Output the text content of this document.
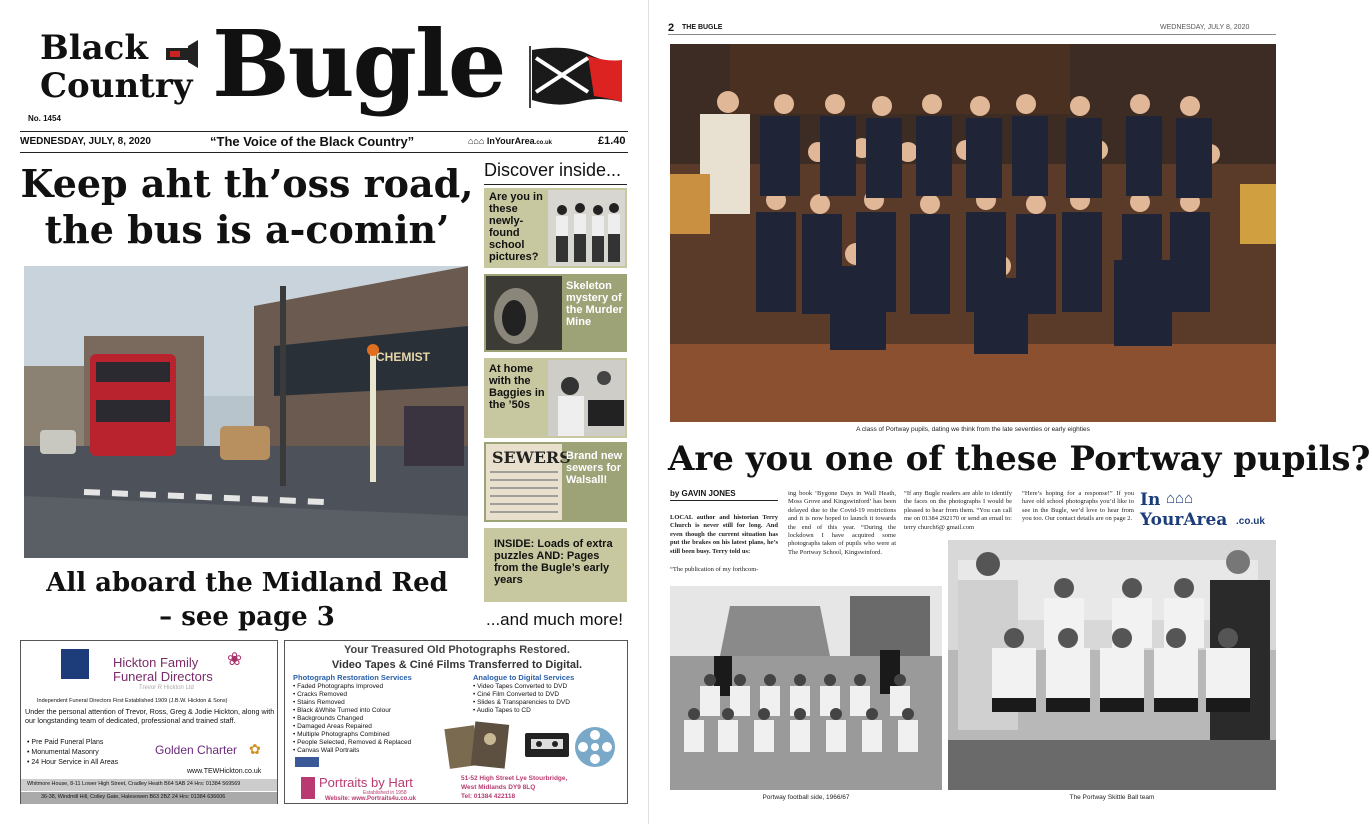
Black
Country Bugle
No. 1454
WEDNESDAY, JULY, 8, 2020	“The Voice of the Black Country”	⌂⌂⌂ InYourArea.co.uk	£1.40
Keep aht th’oss road,
the bus is a-comin’
CHEMIST
All aboard the Midland Red
– see page 3
Discover inside...
Are you in these newly-found school pictures?
Skeleton mystery of the Murder Mine
At home with the Baggies in the ’50s
SEWERS
Brand new sewers for Walsall!
INSIDE: Loads of extra puzzles AND: Pages from the Bugle’s early years
...and much more!
Hickton Family
Funeral Directors
❀
Trevor R Hickton Ltd
Independent Funeral Directors First Established 1909 (J.B.W. Hickton & Sons)
Under the personal attention of Trevor, Ross, Greg & Jodie Hickton, along with our longstanding team of dedicated, professional and trained staff.
• Pre Paid Funeral Plans
• Monumental Masonry
• 24 Hour Service in All Areas
Golden Charter ✿
www.TEWHickton.co.uk
Whitmore House, 8-11 Lower High Street, Cradley Heath B64 5AB 24 Hrs: 01384 569569
36-38, Windmill Hill, Colley Gate, Halesowen B63 2BZ 24 Hrs: 01384 636606
Your Treasured Old Photographs Restored.
Video Tapes & Ciné Films Transferred to Digital.
Photograph Restoration Services
• Faded Photographs Improved
• Cracks Removed
• Stains Removed
• Black &White Turned into Colour
• Backgrounds Changed
• Damaged Areas Repaired
• Multiple Photographs Combined
• People Selected, Removed & Replaced
• Canvas Wall Portraits
Analogue to Digital Services
• Video Tapes Converted to DVD
• Ciné Film Converted to DVD
• Slides & Transparencies to DVD
• Audio Tapes to CD
Portraits by Hart
Established in 1958
Website: www.Portraits4u.co.uk
51-52 High Street Lye Stourbridge,
West Midlands DY9 8LQ
Tel: 01384 422118
2 THE BUGLE	WEDNESDAY, JULY 8, 2020
A class of Portway pupils, dating we think from the late seventies or early eighties
Are you one of these Portway pupils?
by GAVIN JONES
LOCAL author and historian Terry Church is never still for long. And even though the current situation has put the brakes on his latest plans, he’s still been busy. Terry told us:
“The publication of my forthcom-
ing book ‘Bygone Days in Wall Heath, Moss Grove and Kingswinford’ has been delayed due to the Covid-19 restrictions and it is now hoped to launch it towards the end of this year. “During the lockdown I have acquired some photographs taken of pupils who were at The Portway School, Kingswinford.
“If any Bugle readers are able to identify the faces on the photographs I would be pleased to hear from them. “You can call me on 01384 292170 or send an email to: terry church6@ gmail.com
“Here’s hoping for a response!” If you have old school photographs you’d like to see in the Bugle, we’d love to hear from you too. Our contact details are on page 2.
In ⌂⌂⌂
YourArea .co.uk
Portway football side, 1966/67	The Portway Skittle Ball team
